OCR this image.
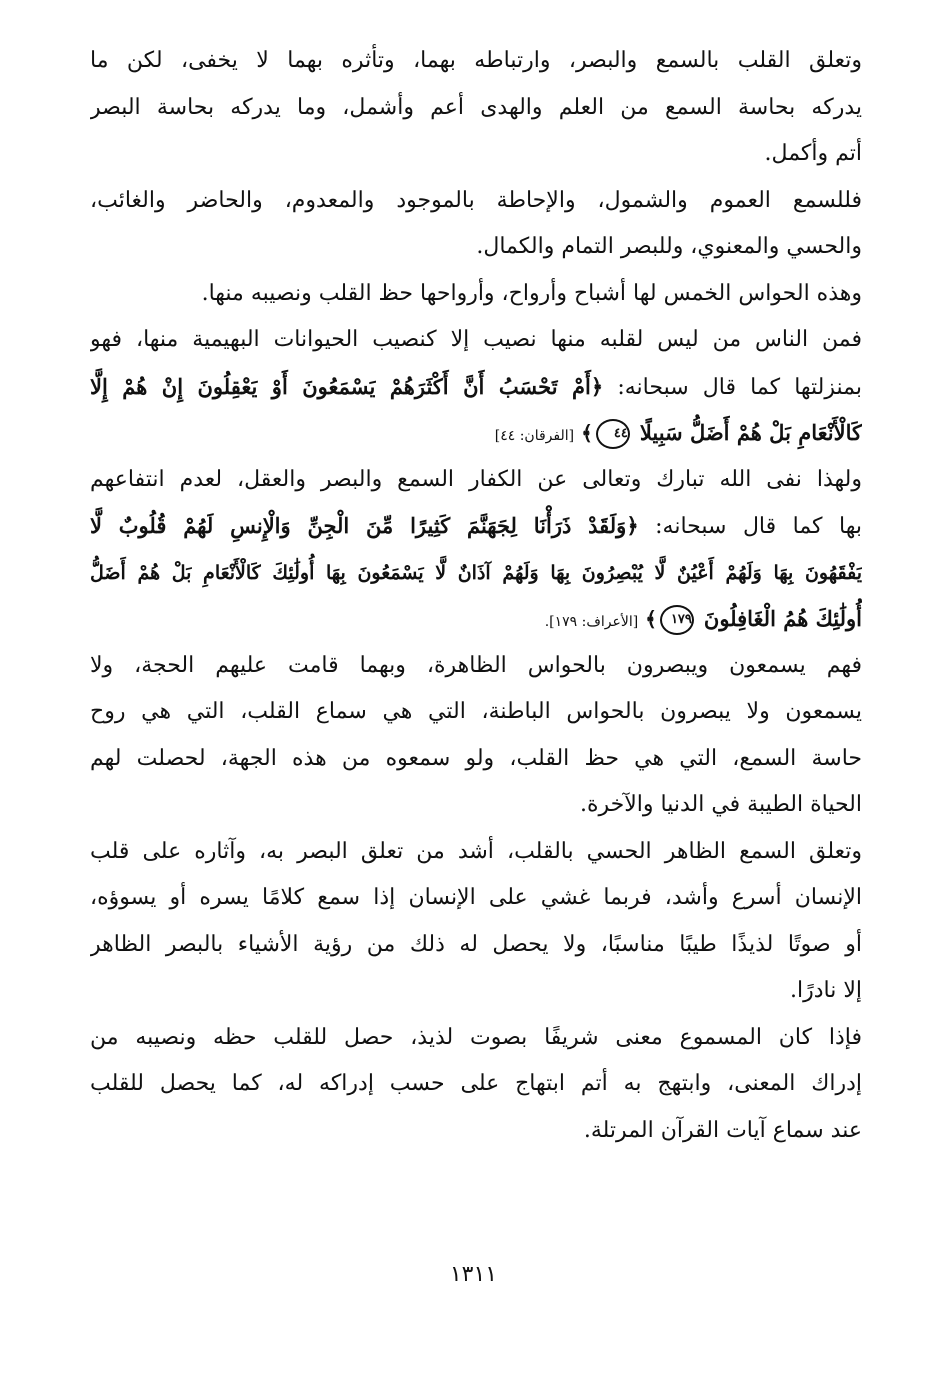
وتعلق القلب بالسمع والبصر، وارتباطه بهما، وتأثره بهما لا يخفى، لكن ما
يدركه بحاسة السمع من العلم والهدى أعم وأشمل، وما يدركه بحاسة البصر
أتم وأكمل.
فللسمع العموم والشمول، والإحاطة بالموجود والمعدوم، والحاضر والغائب،
والحسي والمعنوي، وللبصر التمام والكمال.
وهذه الحواس الخمس لها أشباح وأرواح، وأرواحها حظ القلب ونصيبه منها.
فمن الناس من ليس لقلبه منها نصيب إلا كنصيب الحيوانات البهيمية منها، فهو
بمنزلتها كما قال سبحانه: ﴿أَمْ تَحْسَبُ أَنَّ أَكْثَرَهُمْ يَسْمَعُونَ أَوْ يَعْقِلُونَ إِنْ هُمْ إِلَّا
كَالْأَنْعَامِ بَلْ هُمْ أَضَلُّ سَبِيلًا ٤٤﴾ [الفرقان: ٤٤]
ولهذا نفى الله تبارك وتعالى عن الكفار السمع والبصر والعقل، لعدم انتفاعهم
بها كما قال سبحانه: ﴿وَلَقَدْ ذَرَأْنَا لِجَهَنَّمَ كَثِيرًا مِّنَ الْجِنِّ وَالْإِنسِ لَهُمْ قُلُوبٌ لَّا
يَفْقَهُونَ بِهَا وَلَهُمْ أَعْيُنٌ لَّا يُبْصِرُونَ بِهَا وَلَهُمْ آذَانٌ لَّا يَسْمَعُونَ بِهَا أُولَٰئِكَ كَالْأَنْعَامِ بَلْ هُمْ أَضَلُّ
أُولَٰئِكَ هُمُ الْغَافِلُونَ ١٧٩﴾ [الأعراف: ١٧٩].
فهم يسمعون ويبصرون بالحواس الظاهرة، وبهما قامت عليهم الحجة، ولا
يسمعون ولا يبصرون بالحواس الباطنة، التي هي سماع القلب، التي هي روح
حاسة السمع، التي هي حظ القلب، ولو سمعوه من هذه الجهة، لحصلت لهم
الحياة الطيبة في الدنيا والآخرة.
وتعلق السمع الظاهر الحسي بالقلب، أشد من تعلق البصر به، وآثاره على قلب
الإنسان أسرع وأشد، فربما غشي على الإنسان إذا سمع كلامًا يسره أو يسوؤه،
أو صوتًا لذيذًا طيبًا مناسبًا، ولا يحصل له ذلك من رؤية الأشياء بالبصر الظاهر
إلا نادرًا.
فإذا كان المسموع معنى شريفًا بصوت لذيذ، حصل للقلب حظه ونصيبه من
إدراك المعنى، وابتهج به أتم ابتهاج على حسب إدراكه له، كما يحصل للقلب
عند سماع آيات القرآن المرتلة.
١٣١١
